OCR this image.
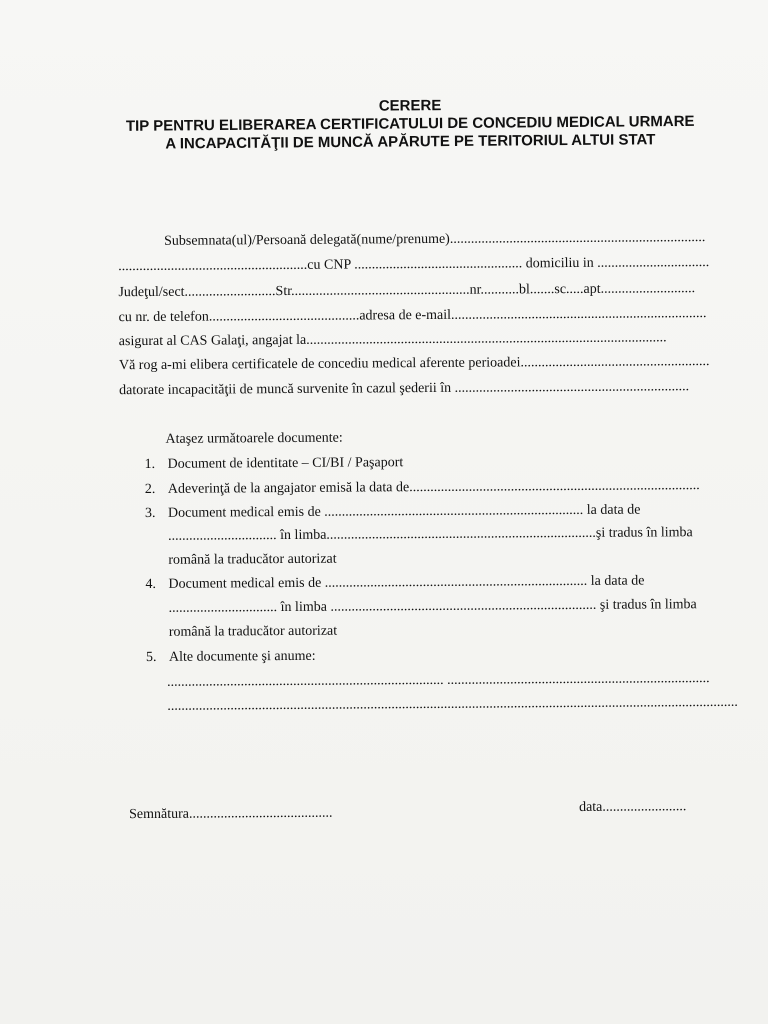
CERERE
TIP PENTRU ELIBERAREA CERTIFICATULUI DE CONCEDIU MEDICAL URMARE
A INCAPACITĂŢII DE MUNCĂ APĂRUTE PE TERITORIUL ALTUI STAT
Subsemnata(ul)/Persoană delegată(nume/prenume).........................................................................
......................................................cu CNP ................................................ domiciliu in ................................
Judeţul/sect..........................Str...................................................nr...........bl.......sc.....apt...........................
cu nr. de telefon...........................................adresa de e-mail.........................................................................
asigurat al CAS Galaţi, angajat la.......................................................................................................
Vă rog a-mi elibera certificatele de concediu medical aferente perioadei......................................................
datorate incapacităţii de muncă survenite în cazul şederii în ...................................................................
Ataşez următoarele documente:
1. Document de identitate – CI/BI / Paşaport
2. Adeverinţă de la angajator emisă la data de...................................................................................
3. Document medical emis de .......................................................................... la data de
............................... în limba.............................................................................şi tradus în limba
română la traducător autorizat
4. Document medical emis de ........................................................................... la data de
............................... în limba ............................................................................ şi tradus în limba
română la traducător autorizat
5. Alte documente şi anume:
............................................................................... ...........................................................................
...................................................................................................................................................................
Semnătura.........................................	data........................
